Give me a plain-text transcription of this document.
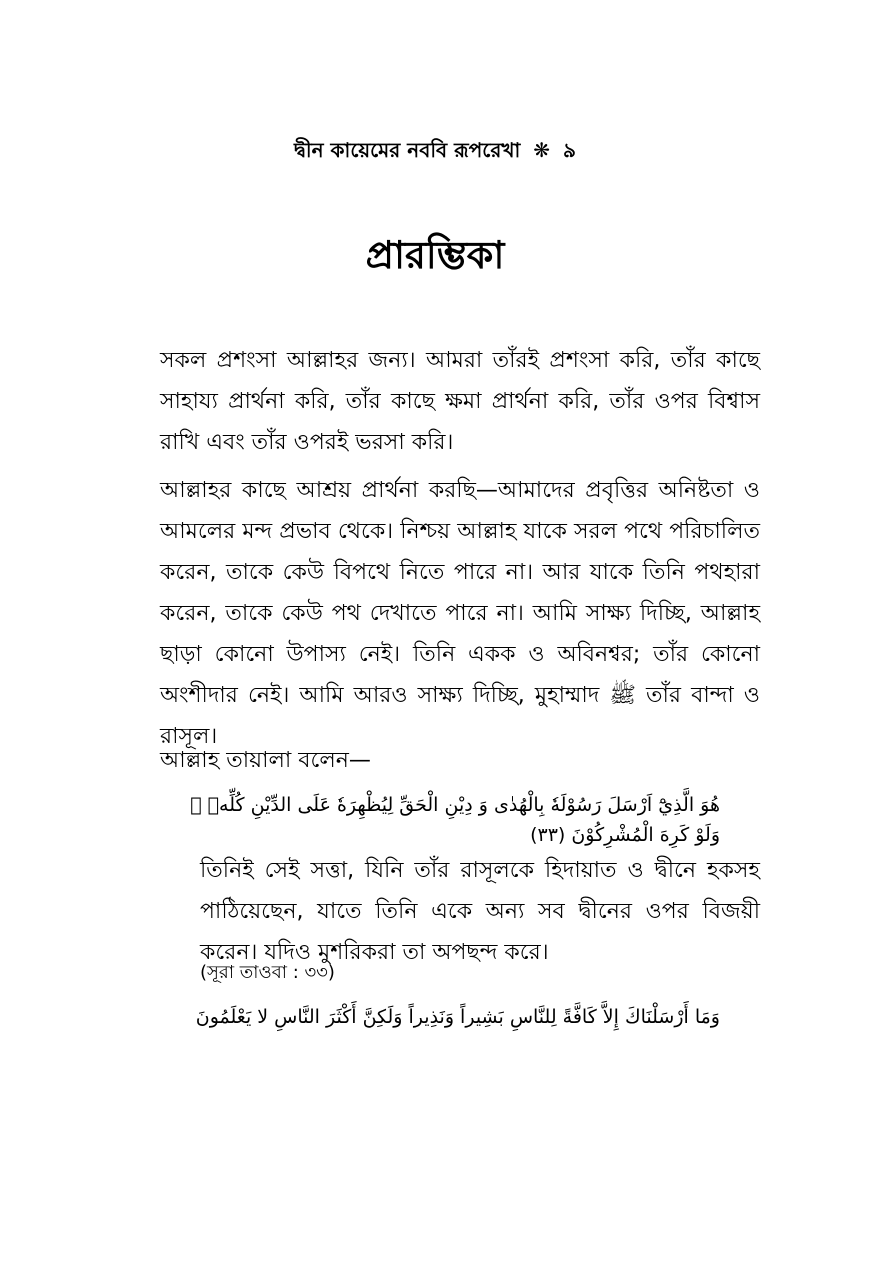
দ্বীন কায়েমের নববি রূপরেখা ❋ ৯
প্রারম্ভিকা

সকল প্রশংসা আল্লাহর জন্য। আমরা তাঁরই প্রশংসা করি, তাঁর কাছে সাহায্য প্রার্থনা করি, তাঁর কাছে ক্ষমা প্রার্থনা করি, তাঁর ওপর বিশ্বাস রাখি এবং তাঁর ওপরই ভরসা করি।

আল্লাহর কাছে আশ্রয় প্রার্থনা করছি—আমাদের প্রবৃত্তির অনিষ্টতা ও আমলের মন্দ প্রভাব থেকে। নিশ্চয় আল্লাহ যাকে সরল পথে পরিচালিত করেন, তাকে কেউ বিপথে নিতে পারে না। আর যাকে তিনি পথহারা করেন, তাকে কেউ পথ দেখাতে পারে না। আমি সাক্ষ্য দিচ্ছি, আল্লাহ ছাড়া কোনো উপাস্য নেই। তিনি একক ও অবিনশ্বর; তাঁর কোনো অংশীদার নেই। আমি আরও সাক্ষ্য দিচ্ছি, মুহাম্মাদ ﷺ তাঁর বান্দা ও রাসূল।

আল্লাহ তায়ালা বলেন—

هُوَ الَّذِيْٓ اَرْسَلَ رَسُوْلَهٗ بِالْهُدٰى وَ دِيْنِ الْحَقِّ لِيُظْهِرَهٗ عَلَى الدِّيْنِ كُلِّهٖ ۙ وَلَوْ كَرِهَ الْمُشْرِكُوْنَ (٣٣)

তিনিই সেই সত্তা, যিনি তাঁর রাসূলকে হিদায়াত ও দ্বীনে হকসহ পাঠিয়েছেন, যাতে তিনি একে অন্য সব দ্বীনের ওপর বিজয়ী করেন। যদিও মুশরিকরা তা অপছন্দ করে।

(সূরা তাওবা : ৩৩)

وَمَا أَرْسَلْنَاكَ إِلاَّ كَافَّةً لِلنَّاسِ بَشِيراً وَنَذِيراً وَلَكِنَّ أَكْثَرَ النَّاسِ لا يَعْلَمُونَ
